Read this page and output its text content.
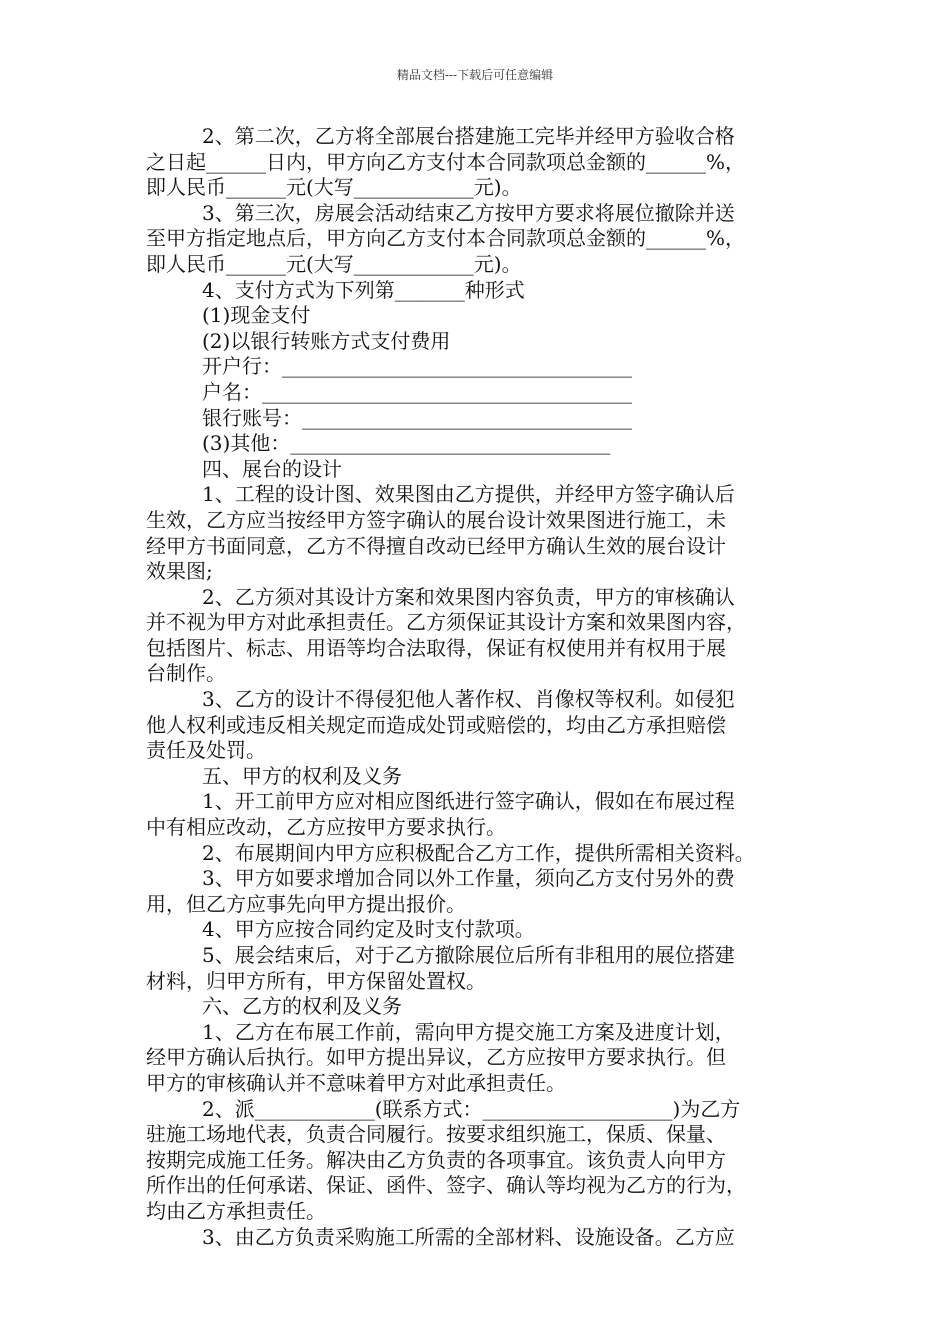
精品文档---下载后可任意编辑
2、第二次，乙方将全部展台搭建施工完毕并经甲方验收合格
之日起______日内，甲方向乙方支付本合同款项总金额的______%，
即人民币______元(大写____________元)。
3、第三次，房展会活动结束乙方按甲方要求将展位撤除并送
至甲方指定地点后，甲方向乙方支付本合同款项总金额的______%，
即人民币______元(大写____________元)。
4、支付方式为下列第_______种形式
(1)现金支付
(2)以银行转账方式支付费用
开户行：___________________________________
户名：_____________________________________
银行账号：_________________________________
(3)其他：________________________________
四、展台的设计
1、工程的设计图、效果图由乙方提供，并经甲方签字确认后
生效，乙方应当按经甲方签字确认的展台设计效果图进行施工，未
经甲方书面同意，乙方不得擅自改动已经甲方确认生效的展台设计
效果图;
2、乙方须对其设计方案和效果图内容负责，甲方的审核确认
并不视为甲方对此承担责任。乙方须保证其设计方案和效果图内容，
包括图片、标志、用语等均合法取得，保证有权使用并有权用于展
台制作。
3、乙方的设计不得侵犯他人著作权、肖像权等权利。如侵犯
他人权利或违反相关规定而造成处罚或赔偿的，均由乙方承担赔偿
责任及处罚。
五、甲方的权利及义务
1、开工前甲方应对相应图纸进行签字确认，假如在布展过程
中有相应改动，乙方应按甲方要求执行。
2、布展期间内甲方应积极配合乙方工作，提供所需相关资料。
3、甲方如要求增加合同以外工作量，须向乙方支付另外的费
用，但乙方应事先向甲方提出报价。
4、甲方应按合同约定及时支付款项。
5、展会结束后，对于乙方撤除展位后所有非租用的展位搭建
材料，归甲方所有，甲方保留处置权。
六、乙方的权利及义务
1、乙方在布展工作前，需向甲方提交施工方案及进度计划，
经甲方确认后执行。如甲方提出异议，乙方应按甲方要求执行。但
甲方的审核确认并不意味着甲方对此承担责任。
2、派____________(联系方式：___________________)为乙方
驻施工场地代表，负责合同履行。按要求组织施工，保质、保量、
按期完成施工任务。解决由乙方负责的各项事宜。该负责人向甲方
所作出的任何承诺、保证、函件、签字、确认等均视为乙方的行为，
均由乙方承担责任。
3、由乙方负责采购施工所需的全部材料、设施设备。乙方应
